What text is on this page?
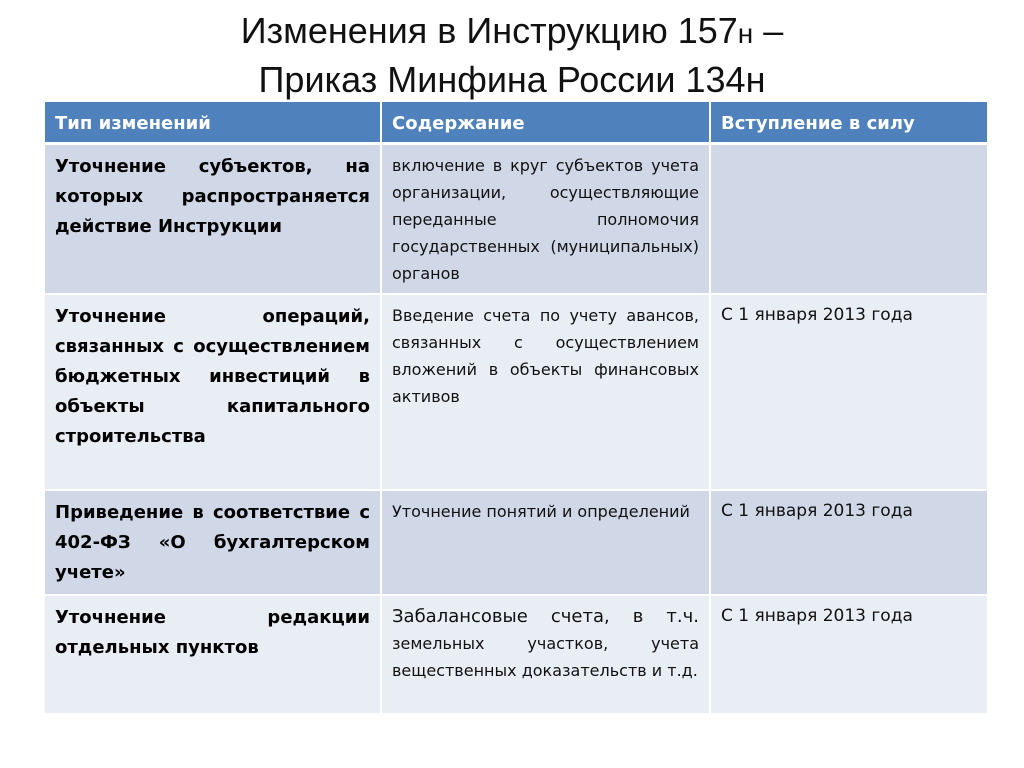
Изменения в Инструкцию 157н –
Приказ Минфина России 134н
Тип изменений	Содержание	Вступление в силу
Уточнение субъектов, на которых распространяется действие Инструкции	включение в круг субъектов учета организации, осуществляющие переданные полномочия государственных (муниципальных) органов	
Уточнение операций, связанных с осуществлением бюджетных инвестиций в объекты капитального строительства	Введение счета по учету авансов, связанных с осуществлением вложений в объекты финансовых активов	С 1 января 2013 года
Приведение в соответствие с 402-ФЗ «О бухгалтерском учете»	Уточнение понятий и определений	С 1 января 2013 года
Уточнение редакции отдельных пунктов	Забалансовые счета, в т.ч. земельных участков, учета вещественных доказательств и т.д.	С 1 января 2013 года
